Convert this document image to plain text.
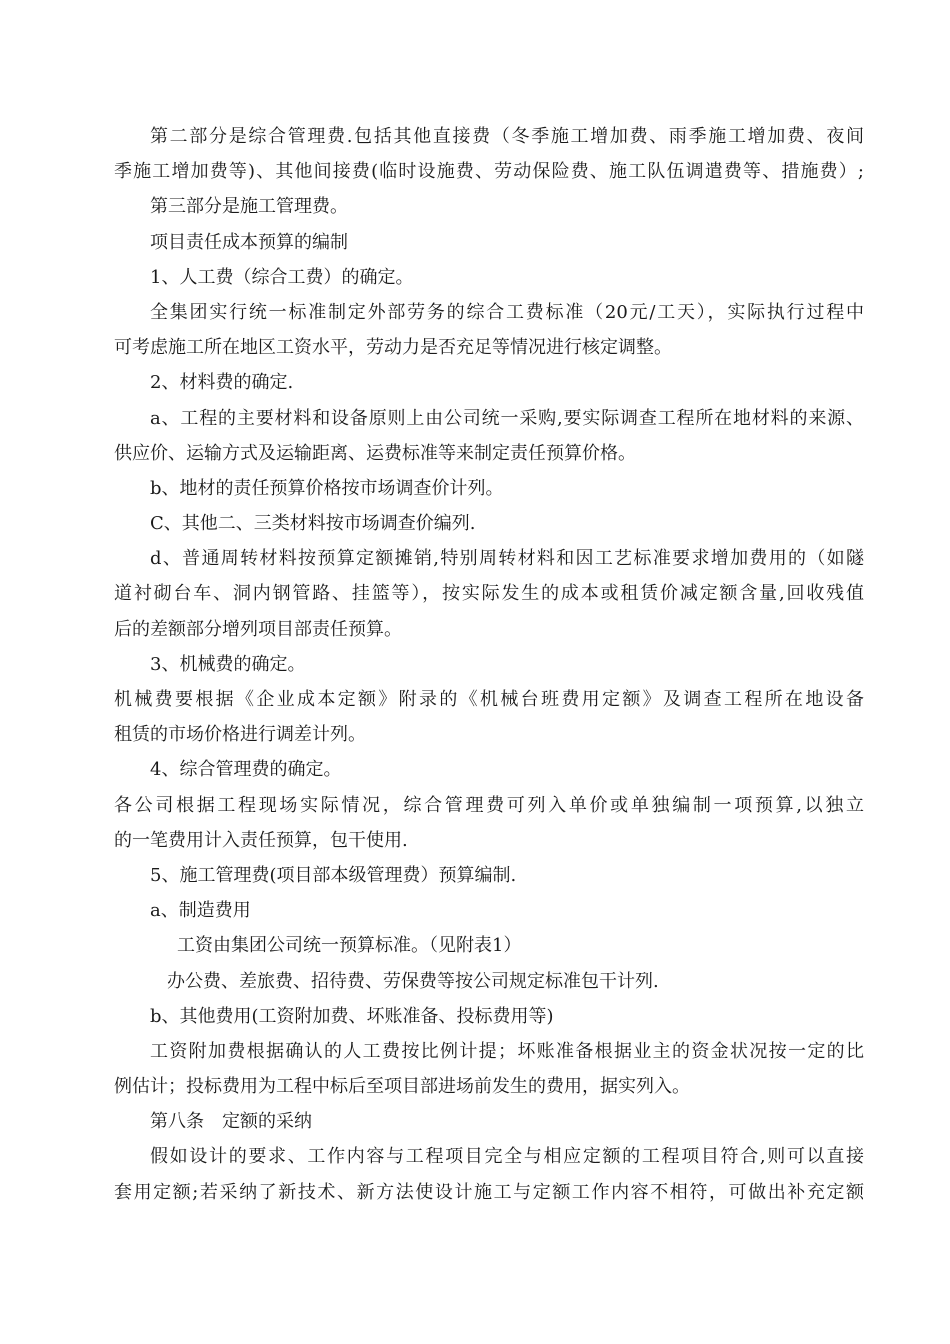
第二部分是综合管理费.包括其他直接费（冬季施工增加费、雨季施工增加费、夜间
季施工增加费等)、其他间接费(临时设施费、劳动保险费、施工队伍调遣费等、措施费）;
第三部分是施工管理费。
项目责任成本预算的编制
1、人工费（综合工费）的确定。
全集团实行统一标准制定外部劳务的综合工费标准（20元/工天），实际执行过程中
可考虑施工所在地区工资水平，劳动力是否充足等情况进行核定调整。
2、材料费的确定.
a、工程的主要材料和设备原则上由公司统一采购,要实际调查工程所在地材料的来源、
供应价、运输方式及运输距离、运费标准等来制定责任预算价格。
b、地材的责任预算价格按市场调查价计列。
C、其他二、三类材料按市场调查价编列.
d、普通周转材料按预算定额摊销,特别周转材料和因工艺标准要求增加费用的（如隧
道衬砌台车、洞内钢管路、挂篮等），按实际发生的成本或租赁价减定额含量,回收残值
后的差额部分增列项目部责任预算。
3、机械费的确定。
机械费要根据《企业成本定额》附录的《机械台班费用定额》及调查工程所在地设备
租赁的市场价格进行调差计列。
4、综合管理费的确定。
各公司根据工程现场实际情况，综合管理费可列入单价或单独编制一项预算,以独立
的一笔费用计入责任预算，包干使用.
5、施工管理费(项目部本级管理费）预算编制.
a、制造费用
工资由集团公司统一预算标准。（见附表1）
办公费、差旅费、招待费、劳保费等按公司规定标准包干计列.
b、其他费用(工资附加费、坏账准备、投标费用等)
工资附加费根据确认的人工费按比例计提；坏账准备根据业主的资金状况按一定的比
例估计；投标费用为工程中标后至项目部进场前发生的费用，据实列入。
第八条　定额的采纳
假如设计的要求、工作内容与工程项目完全与相应定额的工程项目符合,则可以直接
套用定额;若采纳了新技术、新方法使设计施工与定额工作内容不相符，可做出补充定额
